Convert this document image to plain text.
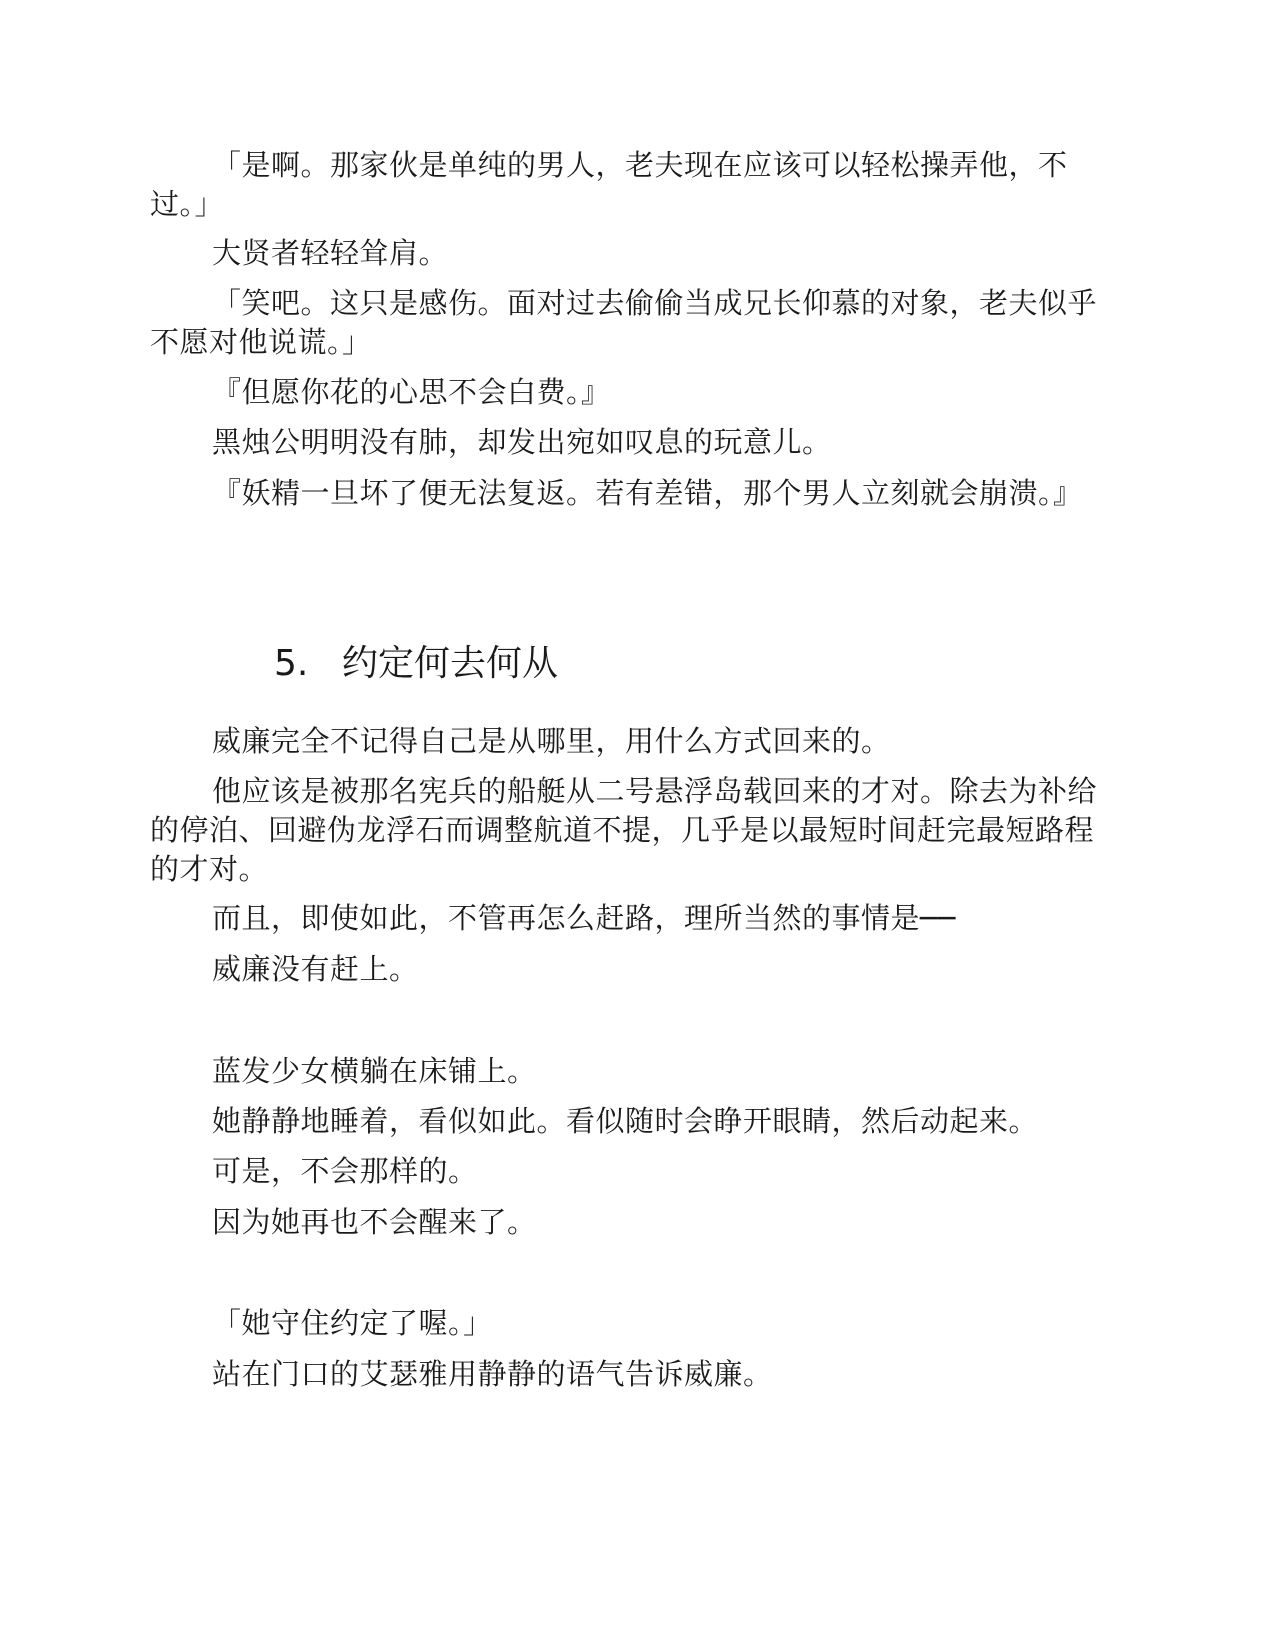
「是啊。那家伙是单纯的男人，老夫现在应该可以轻松操弄他，不过。」

大贤者轻轻耸肩。

「笑吧。这只是感伤。面对过去偷偷当成兄长仰慕的对象，老夫似乎不愿对他说谎。」

『但愿你花的心思不会白费。』

黑烛公明明没有肺，却发出宛如叹息的玩意儿。

『妖精一旦坏了便无法复返。若有差错，那个男人立刻就会崩溃。』

5. 约定何去何从

威廉完全不记得自己是从哪里，用什么方式回来的。

他应该是被那名宪兵的船艇从二号悬浮岛载回来的才对。除去为补给的停泊、回避伪龙浮石而调整航道不提，几乎是以最短时间赶完最短路程的才对。

而且，即使如此，不管再怎么赶路，理所当然的事情是──

威廉没有赶上。

蓝发少女横躺在床铺上。

她静静地睡着，看似如此。看似随时会睁开眼睛，然后动起来。

可是，不会那样的。

因为她再也不会醒来了。

「她守住约定了喔。」

站在门口的艾瑟雅用静静的语气告诉威廉。
